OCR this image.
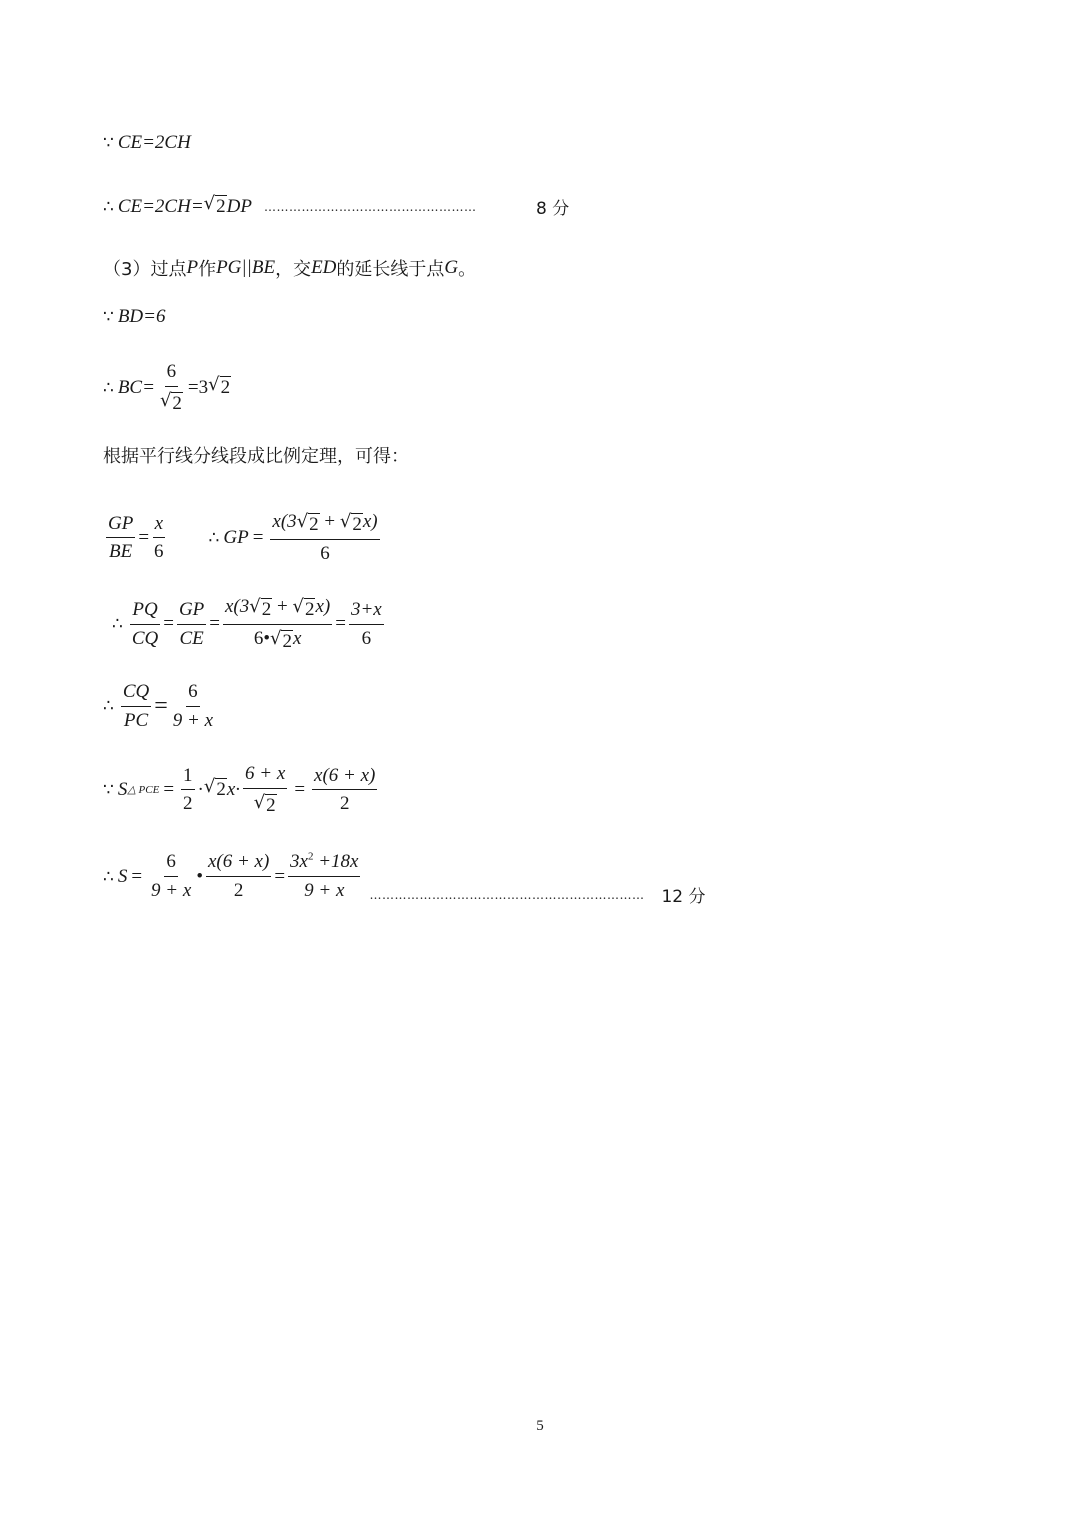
∵ CE=2CH
∴ CE=2CH= √ 2 DP ……………………………………………	8 分
（3）过点 P 作 PG||BE ，交 ED 的延长线于点 G 。
∵ BD=6
∴ $BC= \frac{6}{√ 2} = 3$ √ 2
根据平行线分线段成比例定理，可得：
$\frac{GP}{BE} = \frac{x}{6}$	∴ GP = $\frac{x(3 √ 2 + √ 2 x)}{6}$
∴ $\frac{PQ}{CQ} = \frac{GP}{CE} = \frac{x(3 √ 2 + √ 2 x)}{6• √ 2 x} = \frac{3+x}{6}$
∴ $\frac{CQ}{PC} = \frac{6}{9 + x}$
∵ S △ PCE = $\frac{1}{2}$ · √ 2 $x\cdot \frac{6 + x}{√ 2} = \frac{x(6 + x)}{2}$
∴ $S = \frac{6}{9 + x}$ • $\frac{x(6 + x)}{2} = \frac{3x^2 +18x}{9 + x}$ …………………………………………………………	12 分
5
